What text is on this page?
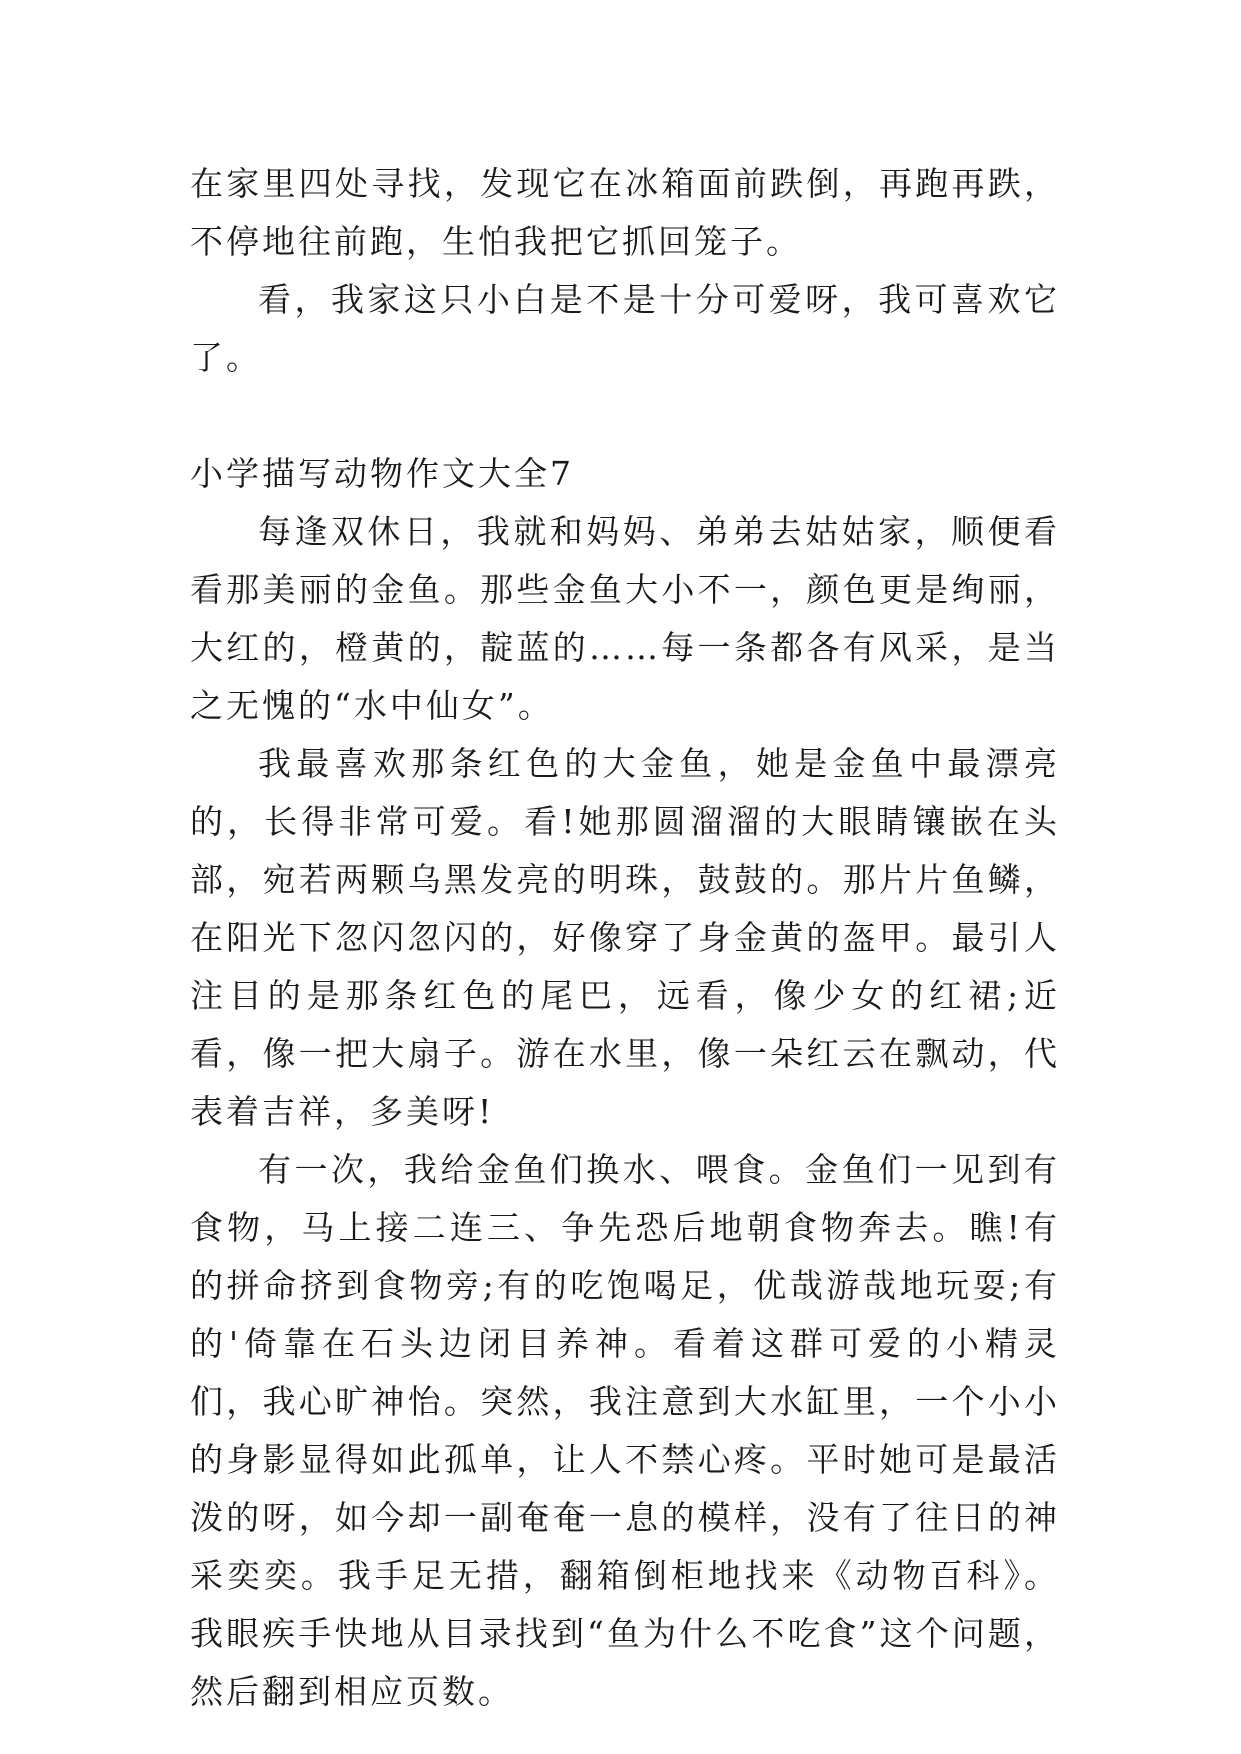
在家里四处寻找，发现它在冰箱面前跌倒，再跑再跌，不停地往前跑，生怕我把它抓回笼子。

看，我家这只小白是不是十分可爱呀，我可喜欢它了。

小学描写动物作文大全7

每逢双休日，我就和妈妈、弟弟去姑姑家，顺便看看那美丽的金鱼。那些金鱼大小不一，颜色更是绚丽，大红的，橙黄的，靛蓝的……每一条都各有风采，是当之无愧的“水中仙女”。

我最喜欢那条红色的大金鱼，她是金鱼中最漂亮的，长得非常可爱。看!她那圆溜溜的大眼睛镶嵌在头部，宛若两颗乌黑发亮的明珠，鼓鼓的。那片片鱼鳞，在阳光下忽闪忽闪的，好像穿了身金黄的盔甲。最引人注目的是那条红色的尾巴，远看，像少女的红裙;近看，像一把大扇子。游在水里，像一朵红云在飘动，代表着吉祥，多美呀!

有一次，我给金鱼们换水、喂食。金鱼们一见到有食物，马上接二连三、争先恐后地朝食物奔去。瞧!有的拼命挤到食物旁;有的吃饱喝足，优哉游哉地玩耍;有的'倚靠在石头边闭目养神。看着这群可爱的小精灵们，我心旷神怡。突然，我注意到大水缸里，一个小小的身影显得如此孤单，让人不禁心疼。平时她可是最活泼的呀，如今却一副奄奄一息的模样，没有了往日的神采奕奕。我手足无措，翻箱倒柜地找来《动物百科》。我眼疾手快地从目录找到“鱼为什么不吃食”这个问题，然后翻到相应页数。
